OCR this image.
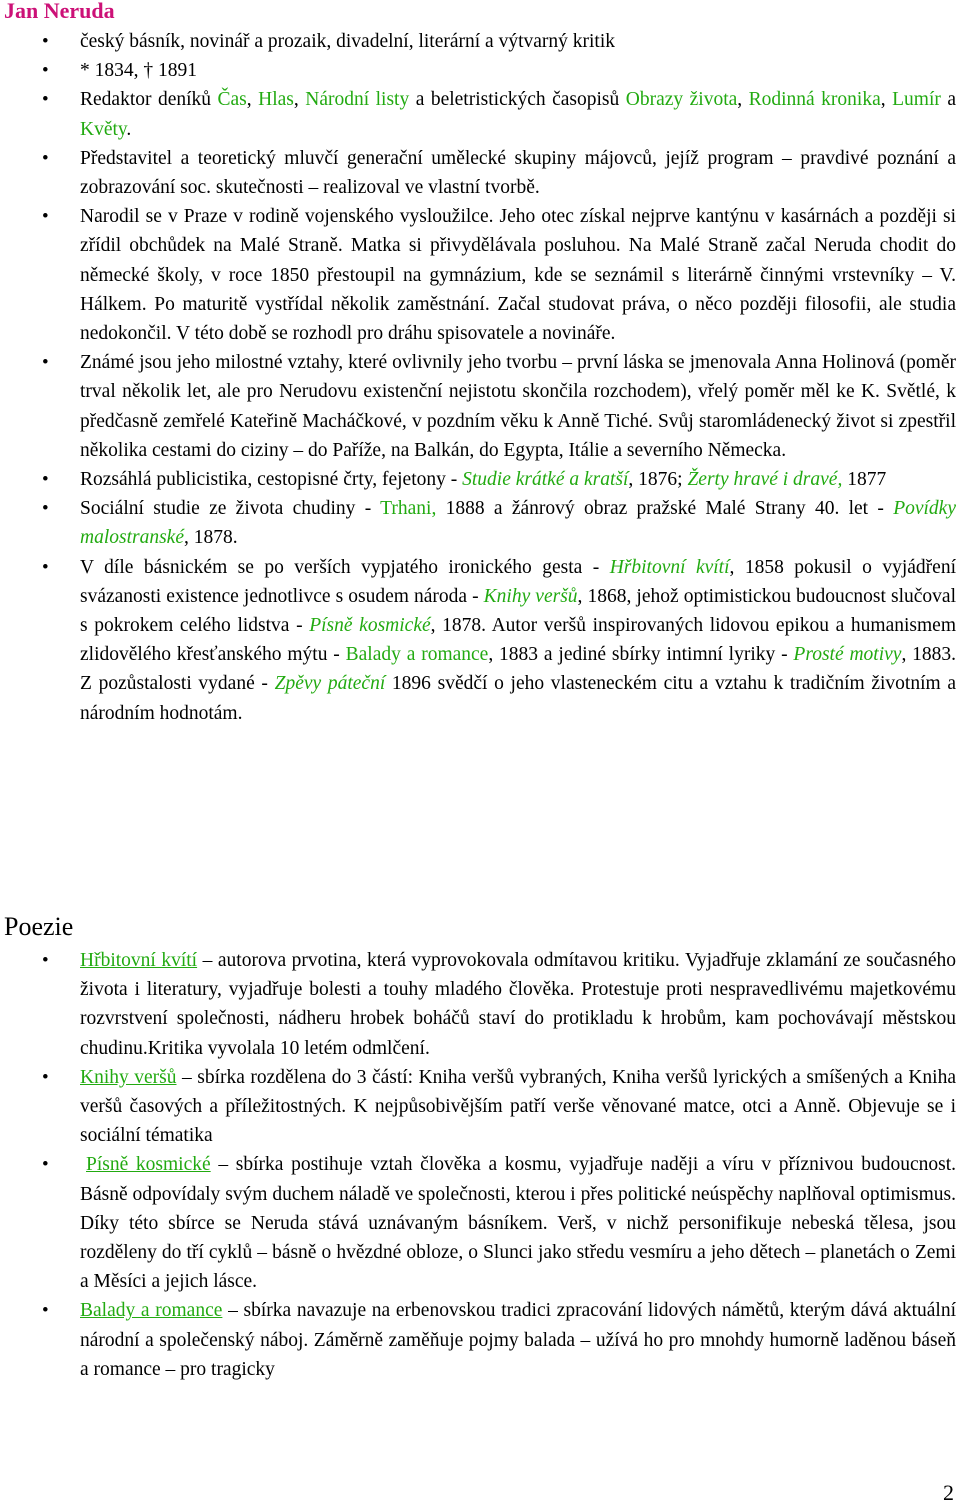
Jan Neruda
• český básník, novinář a prozaik, divadelní, literární a výtvarný kritik
• * 1834, † 1891
• Redaktor deníků Čas, Hlas, Národní listy a beletristických časopisů Obrazy života, Rodinná kronika, Lumír a Květy.
• Představitel a teoretický mluvčí generační umělecké skupiny májovců, jejíž program – pravdivé poznání a zobrazování soc. skutečnosti – realizoval ve vlastní tvorbě.
• Narodil se v Praze v rodině vojenského vysloužilce. Jeho otec získal nejprve kantýnu v kasárnách a později si zřídil obchůdek na Malé Straně. Matka si přivydělávala posluhou. Na Malé Straně začal Neruda chodit do německé školy, v roce 1850 přestoupil na gymnázium, kde se seznámil s literárně činnými vrstevníky – V. Hálkem. Po maturitě vystřídal několik zaměstnání. Začal studovat práva, o něco později filosofii, ale studia nedokončil. V této době se rozhodl pro dráhu spisovatele a novináře.
• Známé jsou jeho milostné vztahy, které ovlivnily jeho tvorbu – první láska se jmenovala Anna Holinová (poměr trval několik let, ale pro Nerudovu existenční nejistotu skončila rozchodem), vřelý poměr měl ke K. Světlé, k předčasně zemřelé Kateřině Macháčkové, v pozdním věku k Anně Tiché. Svůj staromládenecký život si zpestřil několika cestami do ciziny – do Paříže, na Balkán, do Egypta, Itálie a severního Německa.
• Rozsáhlá publicistika, cestopisné črty, fejetony - Studie krátké a kratší, 1876; Žerty hravé i dravé, 1877
• Sociální studie ze života chudiny - Trhani, 1888 a žánrový obraz pražské Malé Strany 40. let - Povídky malostranské, 1878.
• V díle básnickém se po verších vypjatého ironického gesta - Hřbitovní kvítí, 1858 pokusil o vyjádření svázanosti existence jednotlivce s osudem národa - Knihy veršů, 1868, jehož optimistickou budoucnost slučoval s pokrokem celého lidstva - Písně kosmické, 1878. Autor veršů inspirovaných lidovou epikou a humanismem zlidovělého křesťanského mýtu - Balady a romance, 1883 a jediné sbírky intimní lyriky - Prosté motivy, 1883. Z pozůstalosti vydané - Zpěvy páteční 1896 svědčí o jeho vlasteneckém citu a vztahu k tradičním životním a národním hodnotám.
Poezie
• Hřbitovní kvítí – autorova prvotina, která vyprovokovala odmítavou kritiku. Vyjadřuje zklamání ze současného života i literatury, vyjadřuje bolesti a touhy mladého člověka. Protestuje proti nespravedlivému majetkovému rozvrstvení společnosti, nádheru hrobek boháčů staví do protikladu k hrobům, kam pochovávají městskou chudinu.Kritika vyvolala 10 letém odmlčení.
• Knihy veršů – sbírka rozdělena do 3 částí: Kniha veršů vybraných, Kniha veršů lyrických a smíšených a Kniha veršů časových a příležitostných. K nejpůsobivějším patří verše věnované matce, otci a Anně. Objevuje se i sociální tématika
• Písně kosmické – sbírka postihuje vztah člověka a kosmu, vyjadřuje naději a víru v příznivou budoucnost. Básně odpovídaly svým duchem náladě ve společnosti, kterou i přes politické neúspěchy naplňoval optimismus. Díky této sbírce se Neruda stává uznávaným básníkem. Verš, v nichž personifikuje nebeská tělesa, jsou rozděleny do tří cyklů – básně o hvězdné obloze, o Slunci jako středu vesmíru a jeho dětech – planetách o Zemi a Měsíci a jejich lásce.
• Balady a romance – sbírka navazuje na erbenovskou tradici zpracování lidových námětů, kterým dává aktuální národní a společenský náboj. Záměrně zaměňuje pojmy balada – užívá ho pro mnohdy humorně laděnou báseň a romance – pro tragicky
2
